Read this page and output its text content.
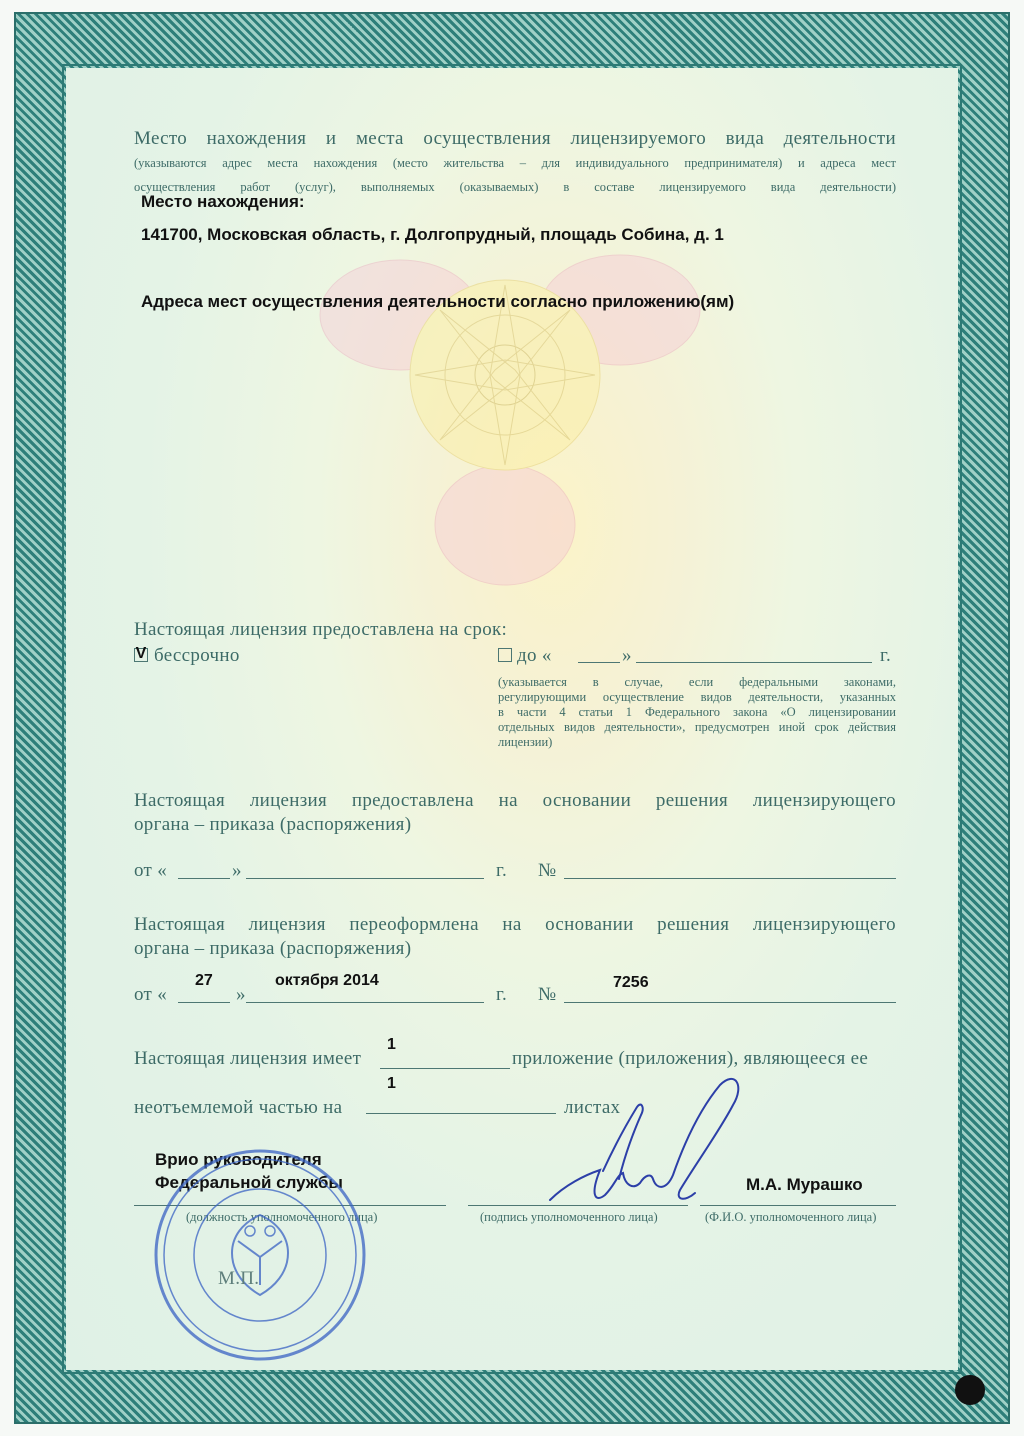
Место нахождения и места осуществления лицензируемого вида деятельности
(указываются адрес места нахождения (место жительства – для индивидуального предпринимателя) и адреса мест
осуществления работ (услуг), выполняемых (оказываемых) в составе лицензируемого вида деятельности)
Место нахождения:
141700, Московская область, г. Долгопрудный, площадь Собина, д. 1
Адреса мест осуществления деятельности согласно приложению(ям)
Настоящая лицензия предоставлена на срок:
V бессрочно	до «	»	г.
(указывается в случае, если федеральными законами,
регулирующими осуществление видов деятельности, указанных
в части 4 статьи 1 Федерального закона «О лицензировании
отдельных видов деятельности», предусмотрен иной срок действия
лицензии)
Настоящая лицензия предоставлена на основании решения лицензирующего
органа – приказа (распоряжения)
от «	»	г. №
Настоящая лицензия переоформлена на основании решения лицензирующего
органа – приказа (распоряжения)
от «
27
»
октября 2014
г. №
7256
Настоящая лицензия имеет
1
приложение (приложения), являющееся ее
неотъемлемой частью на
1
листах
Врио руководителя
Федеральной службы
(должность уполномоченного лица)	(подпись уполномоченного лица)
М.А. Мурашко
(Ф.И.О. уполномоченного лица)
М.П.
